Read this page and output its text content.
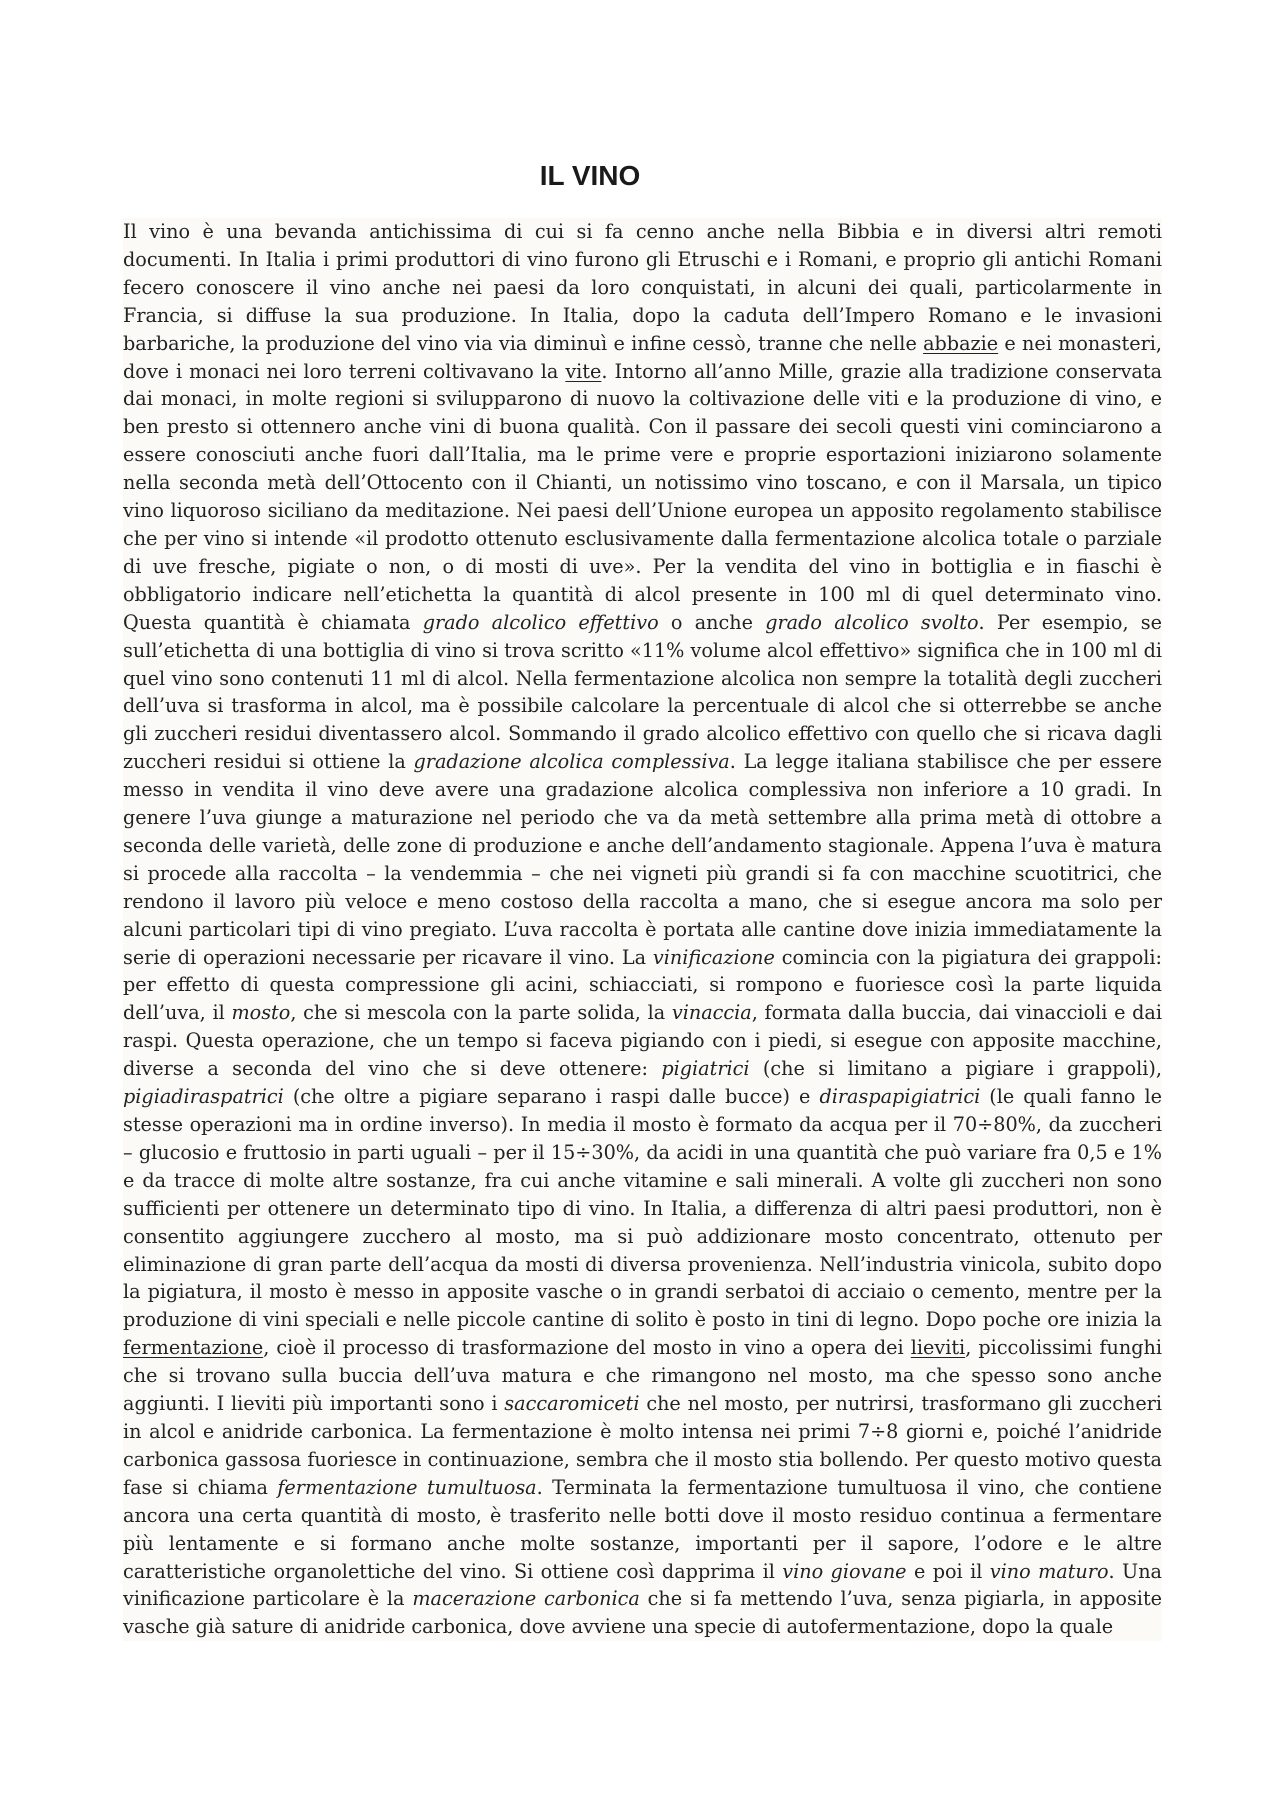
IL VINO

Il vino è una bevanda antichissima di cui si fa cenno anche nella Bibbia e in diversi altri remoti documenti. In Italia i primi produttori di vino furono gli Etruschi e i Romani, e proprio gli antichi Romani fecero conoscere il vino anche nei paesi da loro conquistati, in alcuni dei quali, particolarmente in Francia, si diffuse la sua produzione. In Italia, dopo la caduta dell’Impero Romano e le invasioni barbariche, la produzione del vino via via diminuì e infine cessò, tranne che nelle abbazie e nei monasteri, dove i monaci nei loro terreni coltivavano la vite. Intorno all’anno Mille, grazie alla tradizione conservata dai monaci, in molte regioni si svilupparono di nuovo la coltivazione delle viti e la produzione di vino, e ben presto si ottennero anche vini di buona qualità. Con il passare dei secoli questi vini cominciarono a essere conosciuti anche fuori dall’Italia, ma le prime vere e proprie esportazioni iniziarono solamente nella seconda metà dell’Ottocento con il Chianti, un notissimo vino toscano, e con il Marsala, un tipico vino liquoroso siciliano da meditazione. Nei paesi dell’Unione europea un apposito regolamento stabilisce che per vino si intende «il prodotto ottenuto esclusivamente dalla fermentazione alcolica totale o parziale di uve fresche, pigiate o non, o di mosti di uve». Per la vendita del vino in bottiglia e in fiaschi è obbligatorio indicare nell’etichetta la quantità di alcol presente in 100 ml di quel determinato vino. Questa quantità è chiamata grado alcolico effettivo o anche grado alcolico svolto. Per esempio, se sull’etichetta di una bottiglia di vino si trova scritto «11% volume alcol effettivo» significa che in 100 ml di quel vino sono contenuti 11 ml di alcol. Nella fermentazione alcolica non sempre la totalità degli zuccheri dell’uva si trasforma in alcol, ma è possibile calcolare la percentuale di alcol che si otterrebbe se anche gli zuccheri residui diventassero alcol. Sommando il grado alcolico effettivo con quello che si ricava dagli zuccheri residui si ottiene la gradazione alcolica complessiva. La legge italiana stabilisce che per essere messo in vendita il vino deve avere una gradazione alcolica complessiva non inferiore a 10 gradi. In genere l’uva giunge a maturazione nel periodo che va da metà settembre alla prima metà di ottobre a seconda delle varietà, delle zone di produzione e anche dell’andamento stagionale. Appena l’uva è matura si procede alla raccolta – la vendemmia – che nei vigneti più grandi si fa con macchine scuotitrici, che rendono il lavoro più veloce e meno costoso della raccolta a mano, che si esegue ancora ma solo per alcuni particolari tipi di vino pregiato. L’uva raccolta è portata alle cantine dove inizia immediatamente la serie di operazioni necessarie per ricavare il vino. La vinificazione comincia con la pigiatura dei grappoli: per effetto di questa compressione gli acini, schiacciati, si rompono e fuoriesce così la parte liquida dell’uva, il mosto, che si mescola con la parte solida, la vinaccia, formata dalla buccia, dai vinaccioli e dai raspi. Questa operazione, che un tempo si faceva pigiando con i piedi, si esegue con apposite macchine, diverse a seconda del vino che si deve ottenere: pigiatrici (che si limitano a pigiare i grappoli), pigiadiraspatrici (che oltre a pigiare separano i raspi dalle bucce) e diraspapigiatrici (le quali fanno le stesse operazioni ma in ordine inverso). In media il mosto è formato da acqua per il 70÷80%, da zuccheri – glucosio e fruttosio in parti uguali – per il 15÷30%, da acidi in una quantità che può variare fra 0,5 e 1% e da tracce di molte altre sostanze, fra cui anche vitamine e sali minerali. A volte gli zuccheri non sono sufficienti per ottenere un determinato tipo di vino. In Italia, a differenza di altri paesi produttori, non è consentito aggiungere zucchero al mosto, ma si può addizionare mosto concentrato, ottenuto per eliminazione di gran parte dell’acqua da mosti di diversa provenienza. Nell’industria vinicola, subito dopo la pigiatura, il mosto è messo in apposite vasche o in grandi serbatoi di acciaio o cemento, mentre per la produzione di vini speciali e nelle piccole cantine di solito è posto in tini di legno. Dopo poche ore inizia la fermentazione, cioè il processo di trasformazione del mosto in vino a opera dei lieviti, piccolissimi funghi che si trovano sulla buccia dell’uva matura e che rimangono nel mosto, ma che spesso sono anche aggiunti. I lieviti più importanti sono i saccaromiceti che nel mosto, per nutrirsi, trasformano gli zuccheri in alcol e anidride carbonica. La fermentazione è molto intensa nei primi 7÷8 giorni e, poiché l’anidride carbonica gassosa fuoriesce in continuazione, sembra che il mosto stia bollendo. Per questo motivo questa fase si chiama fermentazione tumultuosa. Terminata la fermentazione tumultuosa il vino, che contiene ancora una certa quantità di mosto, è trasferito nelle botti dove il mosto residuo continua a fermentare più lentamente e si formano anche molte sostanze, importanti per il sapore, l’odore e le altre caratteristiche organolettiche del vino. Si ottiene così dapprima il vino giovane e poi il vino maturo. Una vinificazione particolare è la macerazione carbonica che si fa mettendo l’uva, senza pigiarla, in apposite vasche già sature di anidride carbonica, dove avviene una specie di autofermentazione, dopo la quale
